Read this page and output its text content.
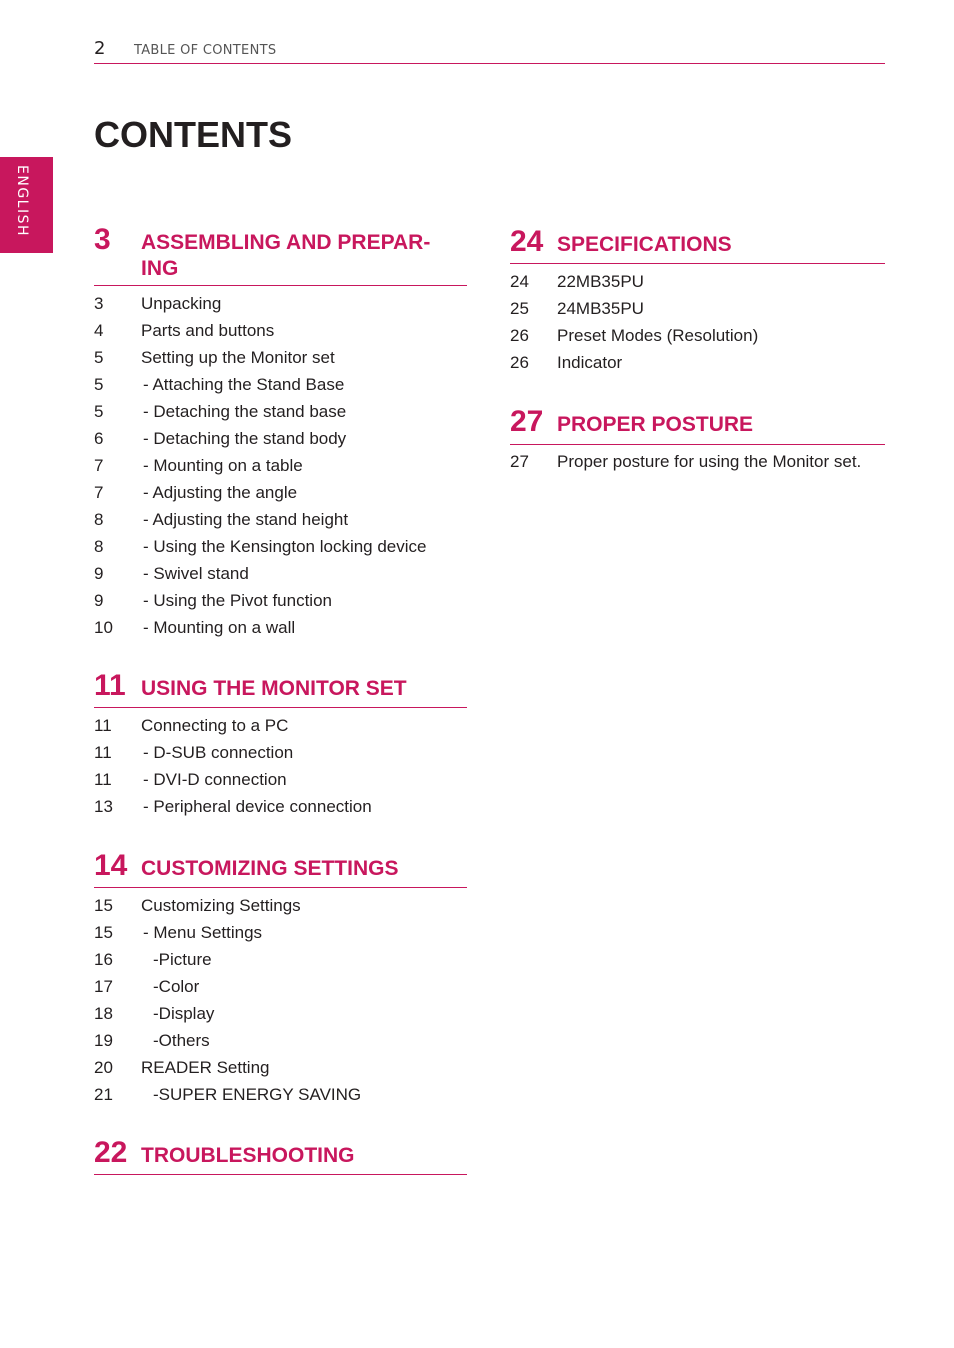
2 TABLE OF CONTENTS
ENGLISH
CONTENTS
3 ASSEMBLING AND PREPAR-
ING
3 Unpacking
4 Parts and buttons
5 Setting up the Monitor set
5 - Attaching the Stand Base
5 - Detaching the stand base
6 - Detaching the stand body
7 - Mounting on a table
7 - Adjusting the angle
8 - Adjusting the stand height
8 - Using the Kensington locking device
9 - Swivel stand
9 - Using the Pivot function
10 - Mounting on a wall
11 USING THE MONITOR SET
11 Connecting to a PC
11 - D-SUB connection
11 - DVI-D connection
13 - Peripheral device connection
14 CUSTOMIZING SETTINGS
15 Customizing Settings
15 - Menu Settings
16 -Picture
17 -Color
18 -Display
19 -Others
20 READER Setting
21 -SUPER ENERGY SAVING
22 TROUBLESHOOTING
24 SPECIFICATIONS
24 22MB35PU
25 24MB35PU
26 Preset Modes (Resolution)
26 Indicator
27 PROPER POSTURE
27 Proper posture for using the Monitor set.
